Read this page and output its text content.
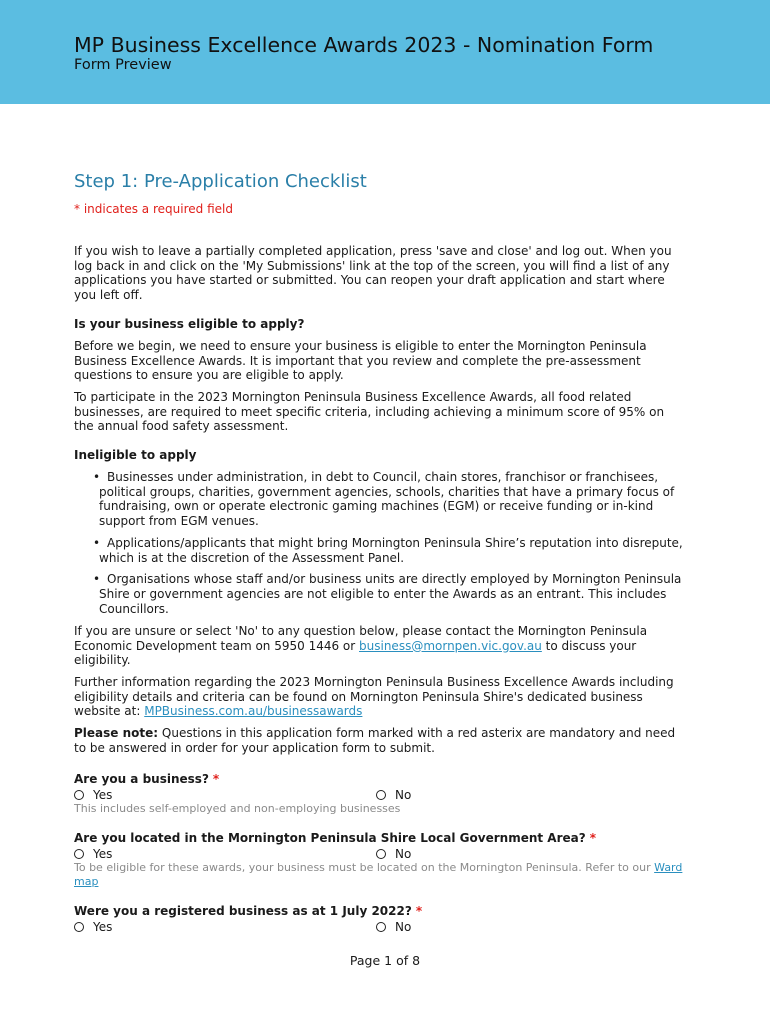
MP Business Excellence Awards 2023 - Nomination Form
Form Preview
Step 1: Pre-Application Checklist
* indicates a required field

If you wish to leave a partially completed application, press 'save and close' and log out. When you log back in and click on the 'My Submissions' link at the top of the screen, you will find a list of any applications you have started or submitted. You can reopen your draft application and start where you left off.

Is your business eligible to apply?

Before we begin, we need to ensure your business is eligible to enter the Mornington Peninsula Business Excellence Awards. It is important that you review and complete the pre-assessment questions to ensure you are eligible to apply.

To participate in the 2023 Mornington Peninsula Business Excellence Awards, all food related businesses, are required to meet specific criteria, including achieving a minimum score of 95% on the annual food safety assessment.

Ineligible to apply

• Businesses under administration, in debt to Council, chain stores, franchisor or franchisees, political groups, charities, government agencies, schools, charities that have a primary focus of fundraising, own or operate electronic gaming machines (EGM) or receive funding or in-kind support from EGM venues.
• Applications/applicants that might bring Mornington Peninsula Shire’s reputation into disrepute, which is at the discretion of the Assessment Panel.
• Organisations whose staff and/or business units are directly employed by Mornington Peninsula Shire or government agencies are not eligible to enter the Awards as an entrant. This includes Councillors.

If you are unsure or select 'No' to any question below, please contact the Mornington Peninsula Economic Development team on 5950 1446 or business@mornpen.vic.gov.au to discuss your eligibility.

Further information regarding the 2023 Mornington Peninsula Business Excellence Awards including eligibility details and criteria can be found on Mornington Peninsula Shire's dedicated business website at: MPBusiness.com.au/businessawards

Please note: Questions in this application form marked with a red asterix are mandatory and need to be answered in order for your application form to submit.

Are you a business? *
Yes	No

This includes self-employed and non-employing businesses

Are you located in the Mornington Peninsula Shire Local Government Area? *
Yes	No

To be eligible for these awards, your business must be located on the Mornington Peninsula. Refer to our Ward map

Were you a registered business as at 1 July 2022? *
Yes	No
Page 1 of 8
